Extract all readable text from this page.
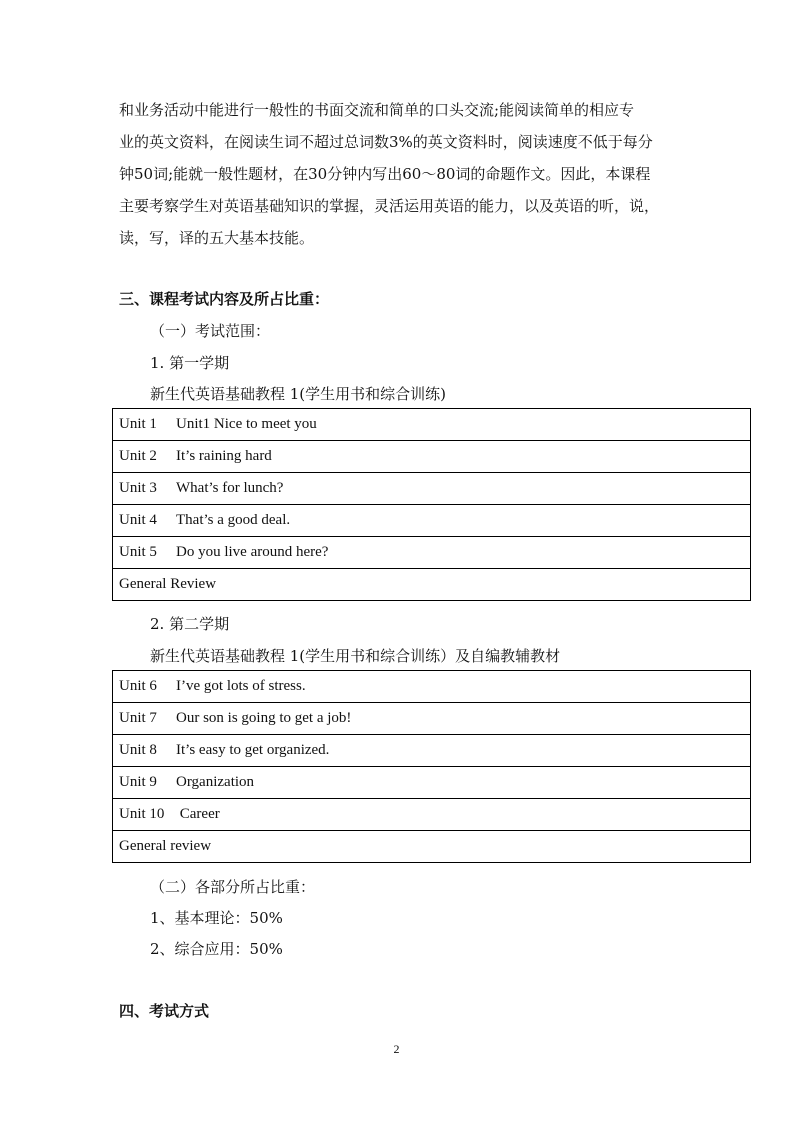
和业务活动中能进行一般性的书面交流和简单的口头交流;能阅读简单的相应专
业的英文资料，在阅读生词不超过总词数3%的英文资料时，阅读速度不低于每分
钟50词;能就一般性题材，在30分钟内写出60～80词的命题作文。因此，本课程
主要考察学生对英语基础知识的掌握，灵活运用英语的能力，以及英语的听，说，
读，写，译的五大基本技能。
三、课程考试内容及所占比重：
（一）考试范围：
1. 第一学期
新生代英语基础教程 1(学生用书和综合训练)
Unit 1 Unit1 Nice to meet you
Unit 2 It’s raining hard
Unit 3 What’s for lunch?
Unit 4 That’s a good deal.
Unit 5 Do you live around here?
General Review
2. 第二学期
新生代英语基础教程 1(学生用书和综合训练）及自编教辅教材
Unit 6 I’ve got lots of stress.
Unit 7 Our son is going to get a job!
Unit 8 It’s easy to get organized.
Unit 9 Organization
Unit 10 Career
General review
（二）各部分所占比重：
1、基本理论：50%
2、综合应用：50%
四、考试方式
2
